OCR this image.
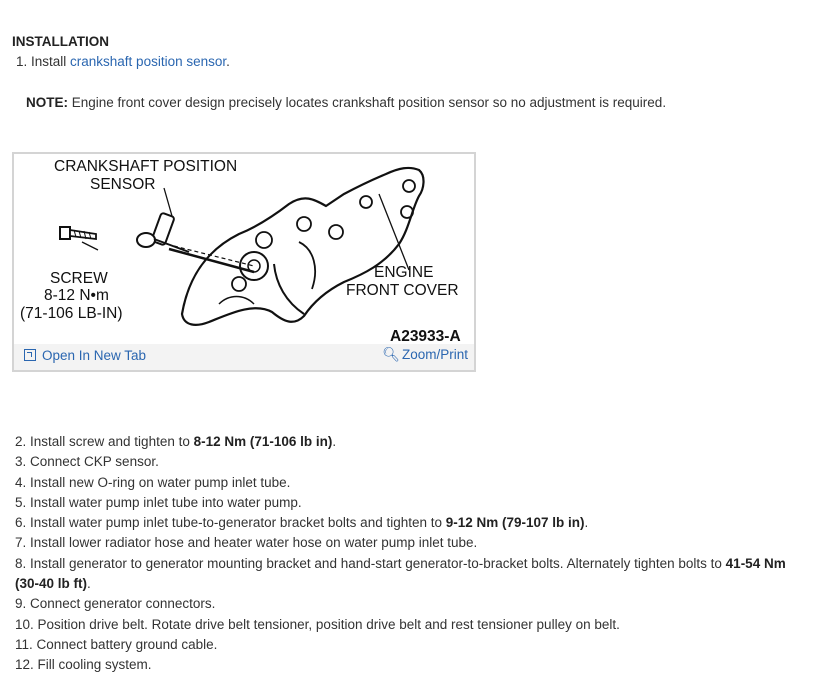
INSTALLATION
1. Install crankshaft position sensor.
NOTE: Engine front cover design precisely locates crankshaft position sensor so no adjustment is required.
CRANKSHAFT POSITION
SENSOR
SCREW
8-12 N•m
(71-106 LB-IN)
ENGINE
FRONT COVER
A23933-A
Open In New Tab	🔍︎ Zoom/Print
2. Install screw and tighten to 8-12 Nm (71-106 lb in).
3. Connect CKP sensor.
4. Install new O-ring on water pump inlet tube.
5. Install water pump inlet tube into water pump.
6. Install water pump inlet tube-to-generator bracket bolts and tighten to 9-12 Nm (79-107 lb in).
7. Install lower radiator hose and heater water hose on water pump inlet tube.
8. Install generator to generator mounting bracket and hand-start generator-to-bracket bolts. Alternately tighten bolts to 41-54 Nm (30-40 lb ft).
9. Connect generator connectors.
10. Position drive belt. Rotate drive belt tensioner, position drive belt and rest tensioner pulley on belt.
11. Connect battery ground cable.
12. Fill cooling system.
